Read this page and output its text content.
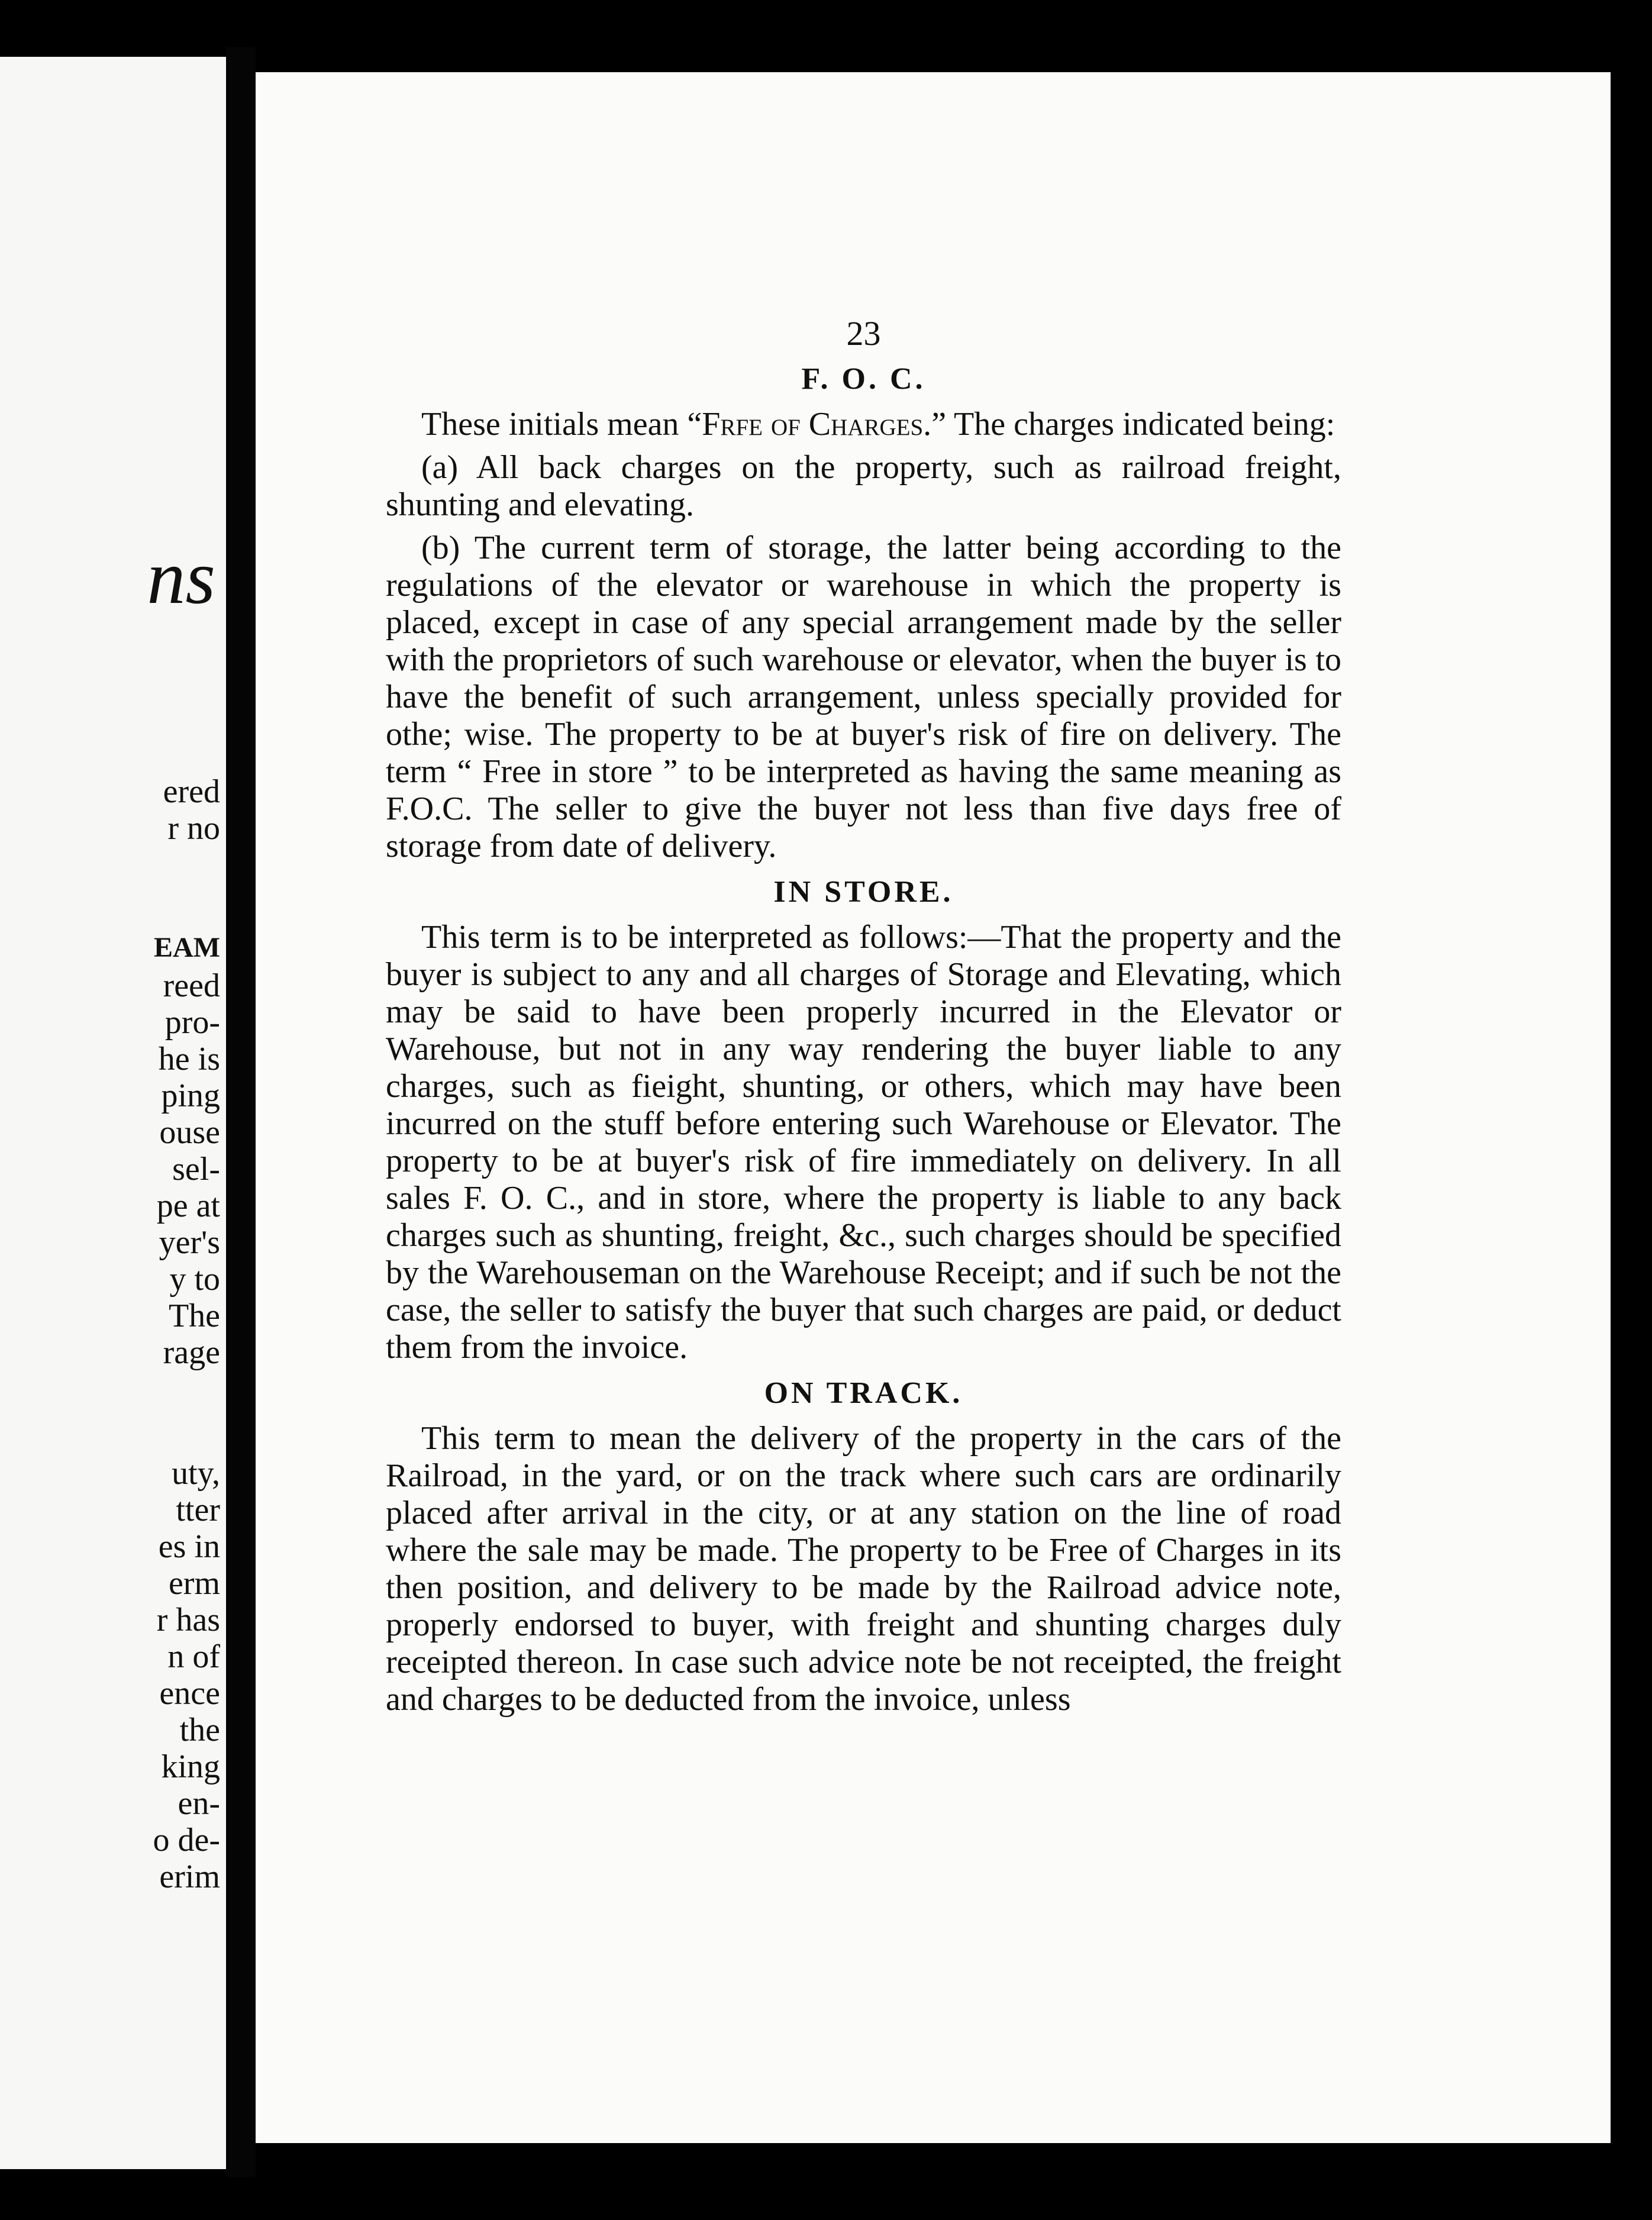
ns

ered

r no

EAM

reed

pro-

he is

ping

ouse

sel-

pe at

yer's

y to

The

rage

uty,

tter

es in

erm

r has

n of

ence

the

king

en-

o de-

erim

23

F. O. C.

These initials mean “Frfe of Charges.” The charges indicated being:

(a) All back charges on the property, such as railroad freight, shunting and elevating.

(b) The current term of storage, the latter being according to the regulations of the elevator or warehouse in which the property is placed, except in case of any special arrangement made by the seller with the proprietors of such warehouse or elevator, when the buyer is to have the benefit of such arrangement, unless specially provided for othe; wise. The property to be at buyer's risk of fire on delivery. The term “ Free in store ” to be interpreted as having the same meaning as F.O.C. The seller to give the buyer not less than five days free of storage from date of delivery.

IN STORE.

This term is to be interpreted as follows:—That the property and the buyer is subject to any and all charges of Storage and Elevating, which may be said to have been properly incurred in the Elevator or Warehouse, but not in any way rendering the buyer liable to any charges, such as fieight, shunting, or others, which may have been incurred on the stuff before entering such Warehouse or Elevator. The property to be at buyer's risk of fire immediately on delivery. In all sales F. O. C., and in store, where the property is liable to any back charges such as shunting, freight, &c., such charges should be specified by the Warehouseman on the Warehouse Receipt; and if such be not the case, the seller to satisfy the buyer that such charges are paid, or deduct them from the invoice.

ON TRACK.

This term to mean the delivery of the property in the cars of the Railroad, in the yard, or on the track where such cars are ordinarily placed after arrival in the city, or at any station on the line of road where the sale may be made. The property to be Free of Charges in its then position, and delivery to be made by the Railroad advice note, properly endorsed to buyer, with freight and shunting charges duly receipted thereon. In case such advice note be not receipted, the freight and charges to be deducted from the invoice, unless
